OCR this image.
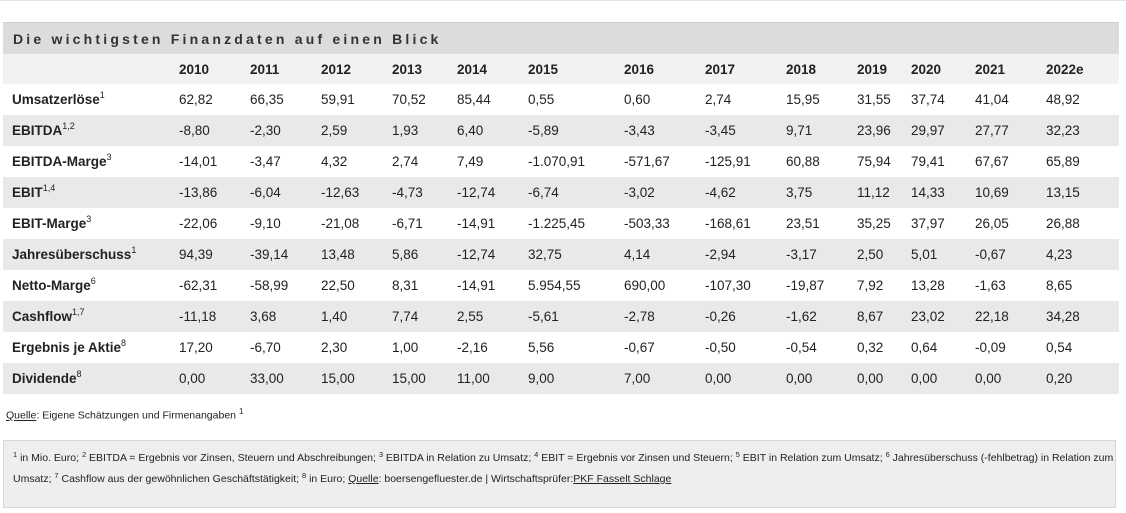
Die wichtigsten Finanzdaten auf einen Blick
	2010	2011	2012	2013	2014	2015	2016	2017	2018	2019	2020	2021	2022e	
Umsatzerlöse$^1$	62,82	66,35	59,91	70,52	85,44	0,55	0,60	2,74	15,95	31,55	37,74	41,04	48,92	
EBITDA$^{1,2}$	-8,80	-2,30	2,59	1,93	6,40	-5,89	-3,43	-3,45	9,71	23,96	29,97	27,77	32,23	
EBITDA-Marge$^3$	-14,01	-3,47	4,32	2,74	7,49	-1.070,91	-571,67	-125,91	60,88	75,94	79,41	67,67	65,89	
EBIT$^{1,4}$	-13,86	-6,04	-12,63	-4,73	-12,74	-6,74	-3,02	-4,62	3,75	11,12	14,33	10,69	13,15	
EBIT-Marge$^3$	-22,06	-9,10	-21,08	-6,71	-14,91	-1.225,45	-503,33	-168,61	23,51	35,25	37,97	26,05	26,88	
Jahresüberschuss$^1$	94,39	-39,14	13,48	5,86	-12,74	32,75	4,14	-2,94	-3,17	2,50	5,01	-0,67	4,23	
Netto-Marge$^6$	-62,31	-58,99	22,50	8,31	-14,91	5.954,55	690,00	-107,30	-19,87	7,92	13,28	-1,63	8,65	
Cashflow$^{1,7}$	-11,18	3,68	1,40	7,74	2,55	-5,61	-2,78	-0,26	-1,62	8,67	23,02	22,18	34,28	
Ergebnis je Aktie$^8$	17,20	-6,70	2,30	1,00	-2,16	5,56	-0,67	-0,50	-0,54	0,32	0,64	-0,09	0,54	
Dividende$^8$	0,00	33,00	15,00	15,00	11,00	9,00	7,00	0,00	0,00	0,00	0,00	0,00	0,20	
Quelle: Eigene Schätzungen und Firmenangaben $^1$
$^1$ in Mio. Euro; $^2$ EBITDA = Ergebnis vor Zinsen, Steuern und Abschreibungen; $^3$ EBITDA in Relation zu Umsatz; $^4$ EBIT = Ergebnis vor Zinsen und Steuern; $^5$ EBIT in Relation zum Umsatz; $^6$ Jahresüberschuss (-fehlbetrag) in Relation zum Umsatz; $^7$ Cashflow aus der gewöhnlichen Geschäftstätigkeit; $^8$ in Euro; Quelle: boersengefluester.de | Wirtschaftsprüfer:PKF Fasselt Schlage
